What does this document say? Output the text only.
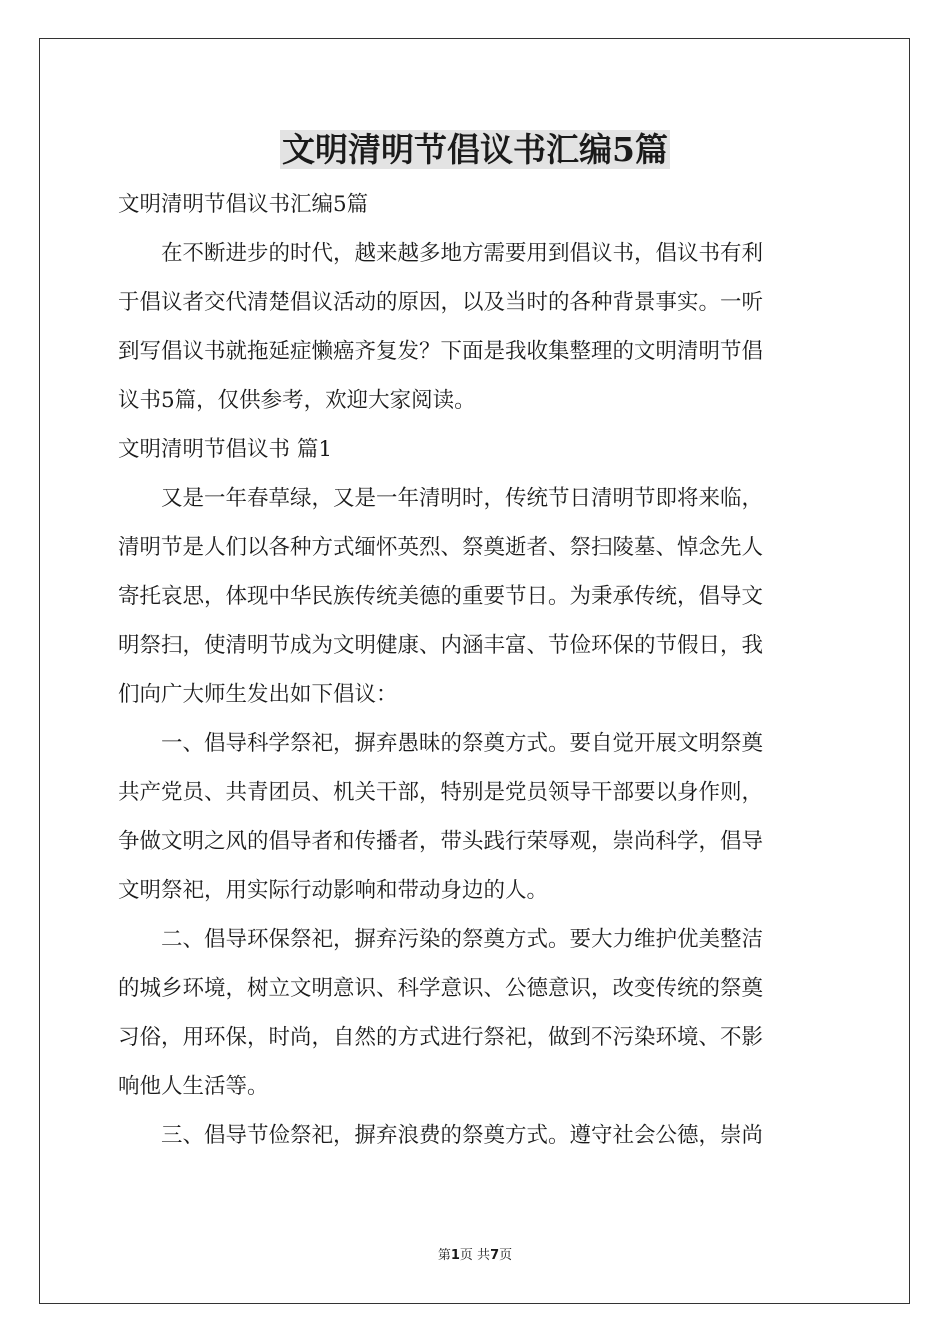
文明清明节倡议书汇编5篇

文明清明节倡议书汇编5篇

在不断进步的时代，越来越多地方需要用到倡议书，倡议书有利

于倡议者交代清楚倡议活动的原因，以及当时的各种背景事实。一听

到写倡议书就拖延症懒癌齐复发？下面是我收集整理的文明清明节倡

议书5篇，仅供参考，欢迎大家阅读。

文明清明节倡议书 篇1

又是一年春草绿，又是一年清明时，传统节日清明节即将来临，

清明节是人们以各种方式缅怀英烈、祭奠逝者、祭扫陵墓、悼念先人

寄托哀思，体现中华民族传统美德的重要节日。为秉承传统，倡导文

明祭扫，使清明节成为文明健康、内涵丰富、节俭环保的节假日，我

们向广大师生发出如下倡议：

一、倡导科学祭祀，摒弃愚昧的祭奠方式。要自觉开展文明祭奠

共产党员、共青团员、机关干部，特别是党员领导干部要以身作则，

争做文明之风的倡导者和传播者，带头践行荣辱观，崇尚科学，倡导

文明祭祀，用实际行动影响和带动身边的人。

二、倡导环保祭祀，摒弃污染的祭奠方式。要大力维护优美整洁

的城乡环境，树立文明意识、科学意识、公德意识，改变传统的祭奠

习俗，用环保，时尚，自然的方式进行祭祀，做到不污染环境、不影

响他人生活等。

三、倡导节俭祭祀，摒弃浪费的祭奠方式。遵守社会公德，崇尚

第1页 共7页
